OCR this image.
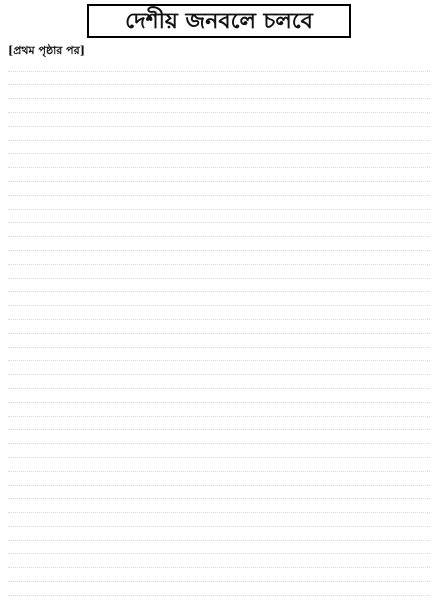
দেশীয় জনবলে চলবে
[প্রথম পৃষ্ঠার পর]
